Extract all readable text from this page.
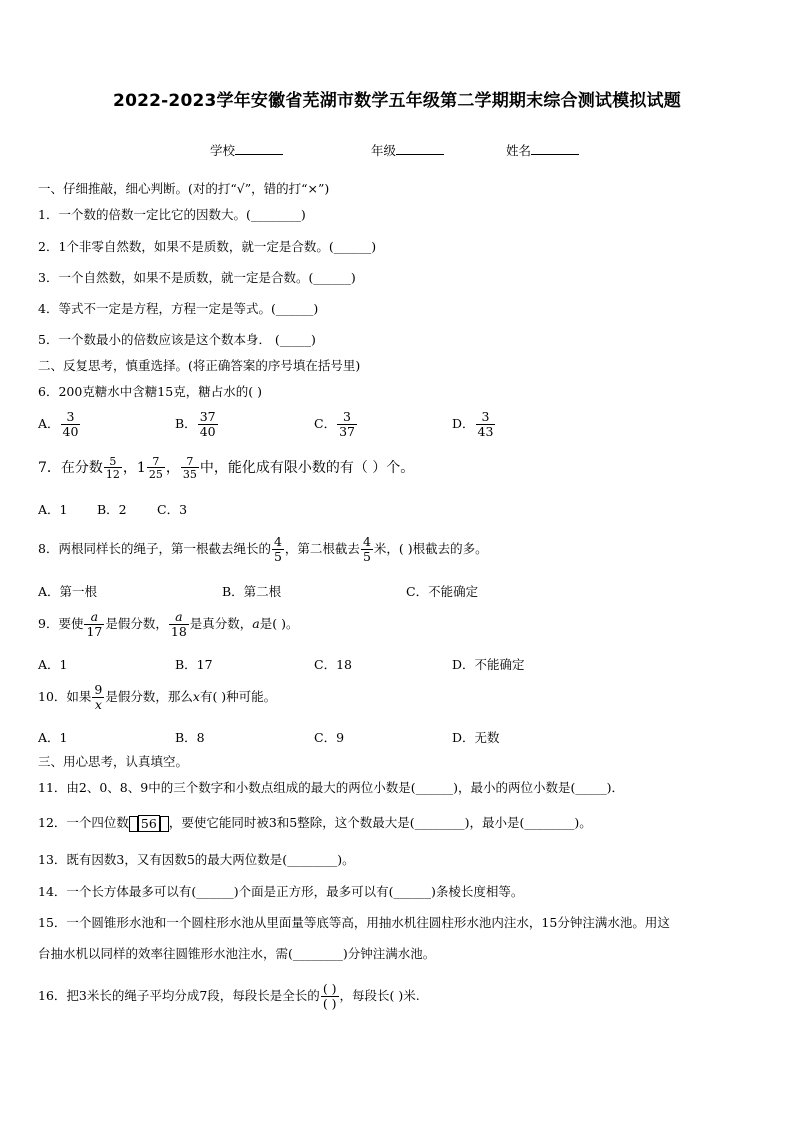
2022-2023学年安徽省芜湖市数学五年级第二学期期末综合测试模拟试题
学校	年级	姓名
一、仔细推敲，细心判断。(对的打“√”，错的打“×”)
1．一个数的倍数一定比它的因数大。(________)
2．1个非零自然数，如果不是质数，就一定是合数。(______)
3．一个自然数，如果不是质数，就一定是合数。(______)
4．等式不一定是方程，方程一定是等式。(______)
5．一个数最小的倍数应该是这个数本身． (_____)
二、反复思考，慎重选择。(将正确答案的序号填在括号里)
6．200克糖水中含糖15克，糖占水的( )
A． $\frac{3}{40}$	B． $\frac{37}{40}$	C． $\frac{3}{37}$	D． $\frac{3}{43}$
7．在分数 $\frac{5}{12}$ ，$1 \frac{7}{25}$ ， $\frac{7}{35}$ 中，能化成有限小数的有（ ）个。
A．1 B．2 C．3
8．两根同样长的绳子，第一根截去绳长的 $\frac{4}{5}$ ，第二根截去 $\frac{4}{5}$ 米，( )根截去的多。
A．第一根	B．第二根	C．不能确定
9．要使 $\frac{a}{17}$ 是假分数， $\frac{a}{18}$ 是真分数，a是( )。
A．1	B．17	C．18	D．不能确定
10．如果 $\frac{9}{x}$ 是假分数，那么x有( )种可能。
A．1	B．8	C．9	D．无数
三、用心思考，认真填空。
11．由2、0、8、9中的三个数字和小数点组成的最大的两位小数是(______)，最小的两位小数是(_____)．
12．一个四位数 56 ，要使它能同时被3和5整除，这个数最大是(________)，最小是(________)。
13．既有因数3，又有因数5的最大两位数是(________)。
14．一个长方体最多可以有(______)个面是正方形，最多可以有(______)条棱长度相等。
15．一个圆锥形水池和一个圆柱形水池从里面量等底等高，用抽水机往圆柱形水池内注水，15分钟注满水池。用这
台抽水机以同样的效率往圆锥形水池注水，需(________)分钟注满水池。
16．把3米长的绳子平均分成7段，每段长是全长的 $\frac{( )}{( )}$ ，每段长( )米.
